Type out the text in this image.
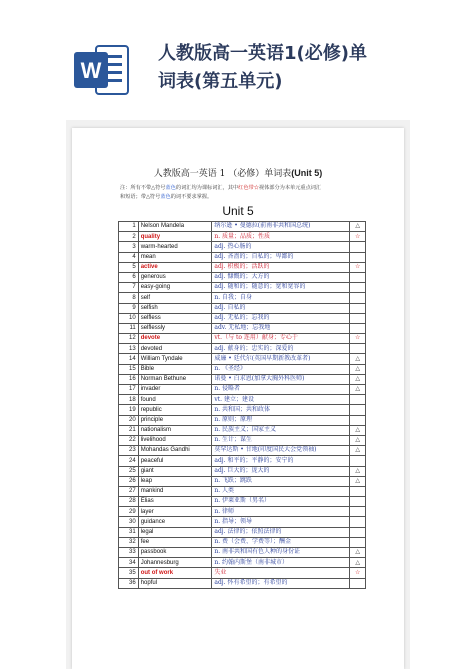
W
人教版高一英语1(必修)单
词表(第五单元)
人教版高一英语 1 （必修）单词表(Unit 5)
注：所有不带△符号蓝色的词汇均为课标词汇，其中红色带☆视体部分为本单元重点词汇
和短语；带△符号蓝色的词不要求掌握。
Unit 5
1	Nelson Mandela	纳尔逊 • 曼德拉(前南非共和国总统)	△
2	quality	n. 质量；品质；性质	☆
3	warm-hearted	adj. 热心肠的	
4	mean	adj. 吝啬的；自私的；卑鄙的	
5	active	adj. 积极的；活跃的	☆
6	generous	adj. 慷慨的；大方的	
7	easy-going	adj. 随和的；随意的；宽和宽容的	
8	self	n. 自我；自身	
9	selfish	adj. 自私的	
10	selfless	adj. 无私的；忘我的	
11	selflessly	adv. 无私地；忘我地	
12	devote	vt.（与 to 连用）献身；专心于	☆
13	devoted	adj. 献身的；忠实的；深爱的	
14	William Tyndale	威廉 • 廷代尔(英国早期新教改革者)	△
15	Bible	n. 《圣经》	△
16	Norman Bethune	诺曼 • 白求恩(加拿大胸外科医师)	△
17	invader	n. 侵略者	△
18	found	vt. 建立；建设	
19	republic	n. 共和国；共和政体	
20	principle	n. 原则；原理	
21	nationalism	n. 民族主义；国家主义	△
22	livelihood	n. 生计；谋生	△
23	Mohandas Gandhi	莫罕达斯 • 甘地(印度国民大会党领袖)	△
24	peaceful	adj. 和平的；平静的；安宁的	
25	giant	adj. 巨大的；庞大的	△
26	leap	n. 飞跃；跳跃	△
27	mankind	n. 人类	
28	Elias	n. 伊莱亚斯（男名）	
29	layer	n. 律师	
30	guidance	n. 指导；领导	
31	legal	adj. 法律的；依照法律的	
32	fee	n. 费（会费、学费等）；酬金	
33	passbook	n. 南非共和国有色人种的身份证	△
34	Johannesburg	n. 约翰内斯堡（南非城市）	△
35	out of work	失业	☆
36	hopful	adj. 怀有希望的；有希望的	
